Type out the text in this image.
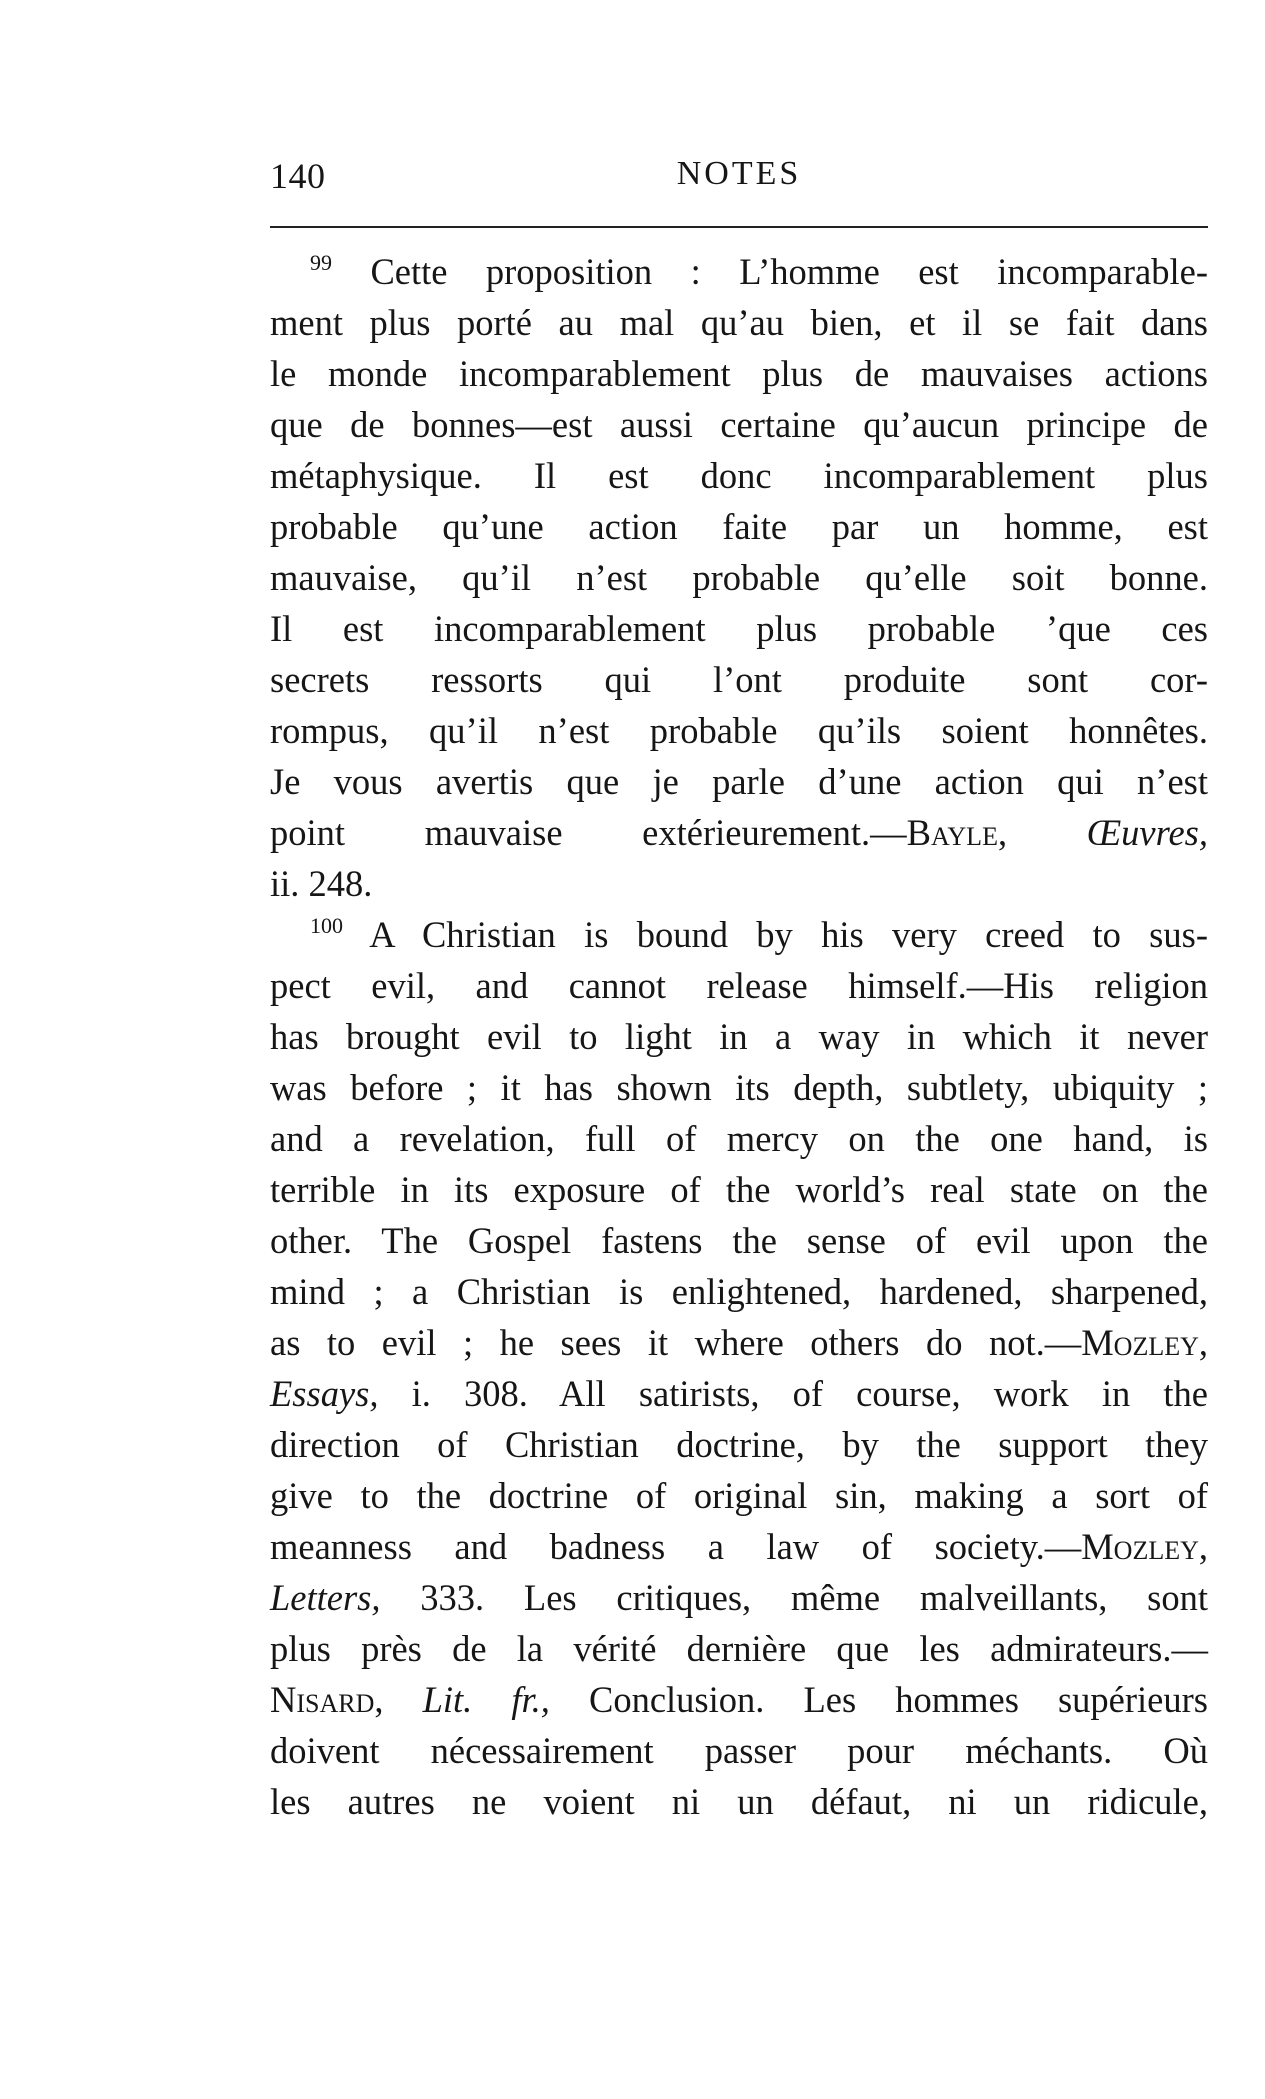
140	NOTES
$^{99}$ Cette proposition : L’homme est incomparable-
ment plus porté au mal qu’au bien, et il se fait dans
le monde incomparablement plus de mauvaises actions
que de bonnes—est aussi certaine qu’aucun principe de
métaphysique. Il est donc incomparablement plus
probable qu’une action faite par un homme, est
mauvaise, qu’il n’est probable qu’elle soit bonne.
Il est incomparablement plus probable ’que ces
secrets ressorts qui l’ont produite sont cor-
rompus, qu’il n’est probable qu’ils soient honnêtes.
Je vous avertis que je parle d’une action qui n’est
point mauvaise extérieurement.—Bayle, Œuvres,
ii. 248.
$^{100}$ A Christian is bound by his very creed to sus-
pect evil, and cannot release himself.—His religion
has brought evil to light in a way in which it never
was before ; it has shown its depth, subtlety, ubiquity ;
and a revelation, full of mercy on the one hand, is
terrible in its exposure of the world’s real state on the
other. The Gospel fastens the sense of evil upon the
mind ; a Christian is enlightened, hardened, sharpened,
as to evil ; he sees it where others do not.—Mozley,
Essays, i. 308. All satirists, of course, work in the
direction of Christian doctrine, by the support they
give to the doctrine of original sin, making a sort of
meanness and badness a law of society.—Mozley,
Letters, 333. Les critiques, même malveillants, sont
plus près de la vérité dernière que les admirateurs.—
Nisard, Lit. fr., Conclusion. Les hommes supérieurs
doivent nécessairement passer pour méchants. Où
les autres ne voient ni un défaut, ni un ridicule,
